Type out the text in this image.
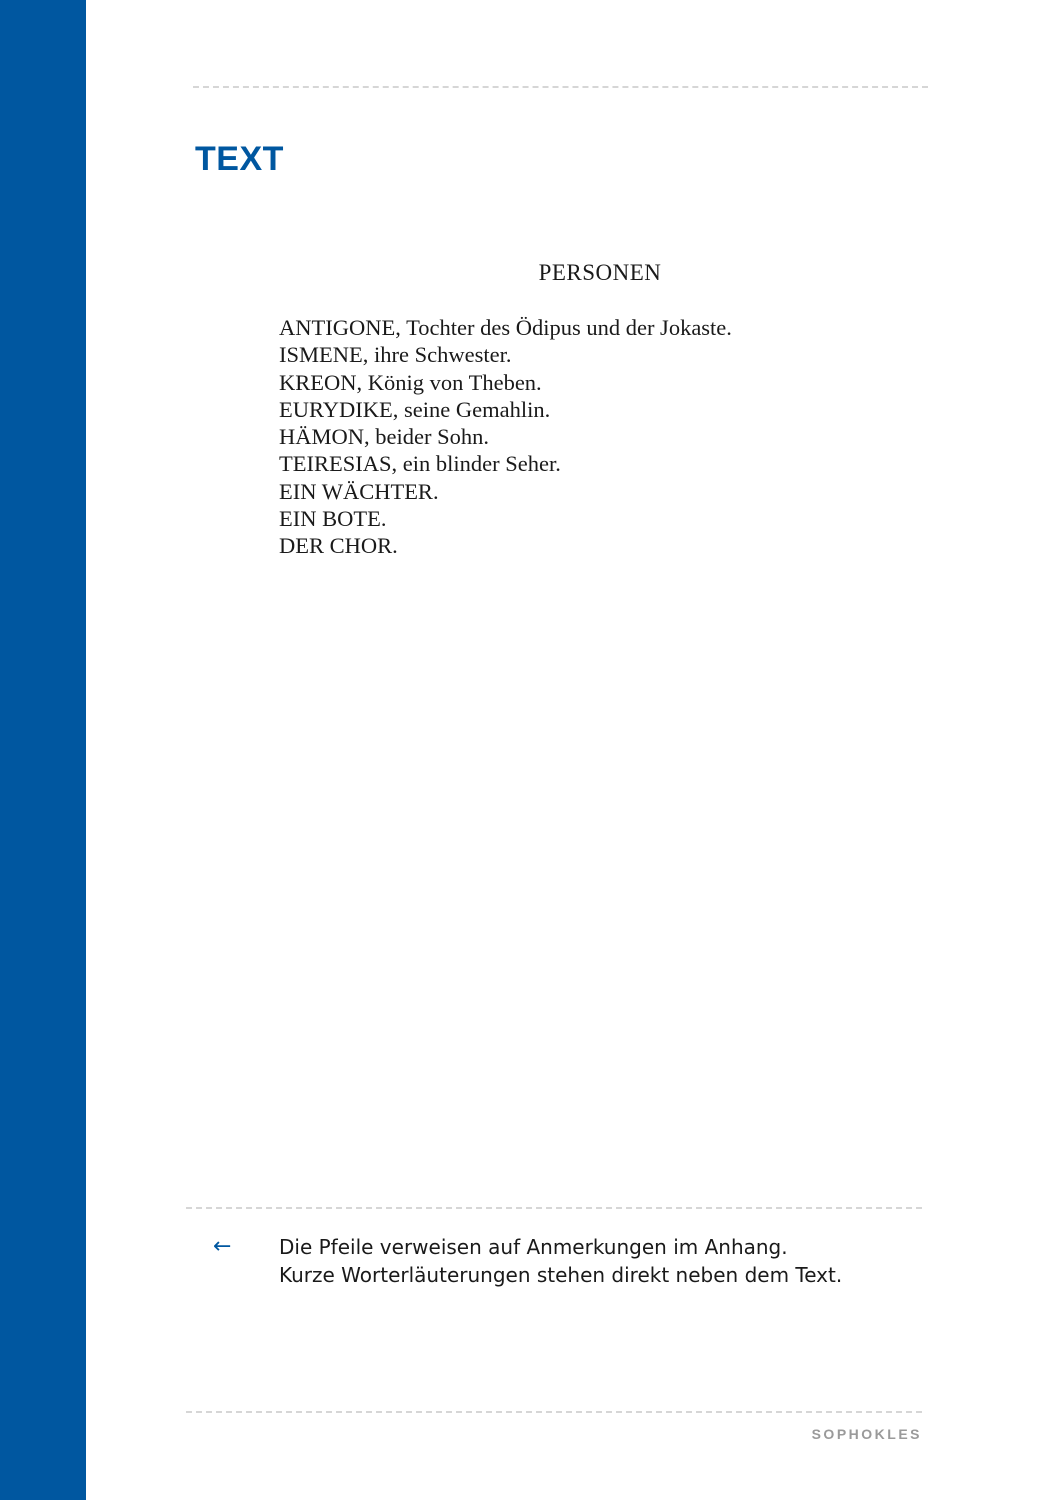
TEXT
PERSONEN
ANTIGONE, Tochter des Ödipus und der Jokaste.
ISMENE, ihre Schwester.
KREON, König von Theben.
EURYDIKE, seine Gemahlin.
HÄMON, beider Sohn.
TEIRESIAS, ein blinder Seher.
EIN WÄCHTER.
EIN BOTE.
DER CHOR.
← Die Pfeile verweisen auf Anmerkungen im Anhang.
Kurze Worterläuterungen stehen direkt neben dem Text.

SOPHOKLES
